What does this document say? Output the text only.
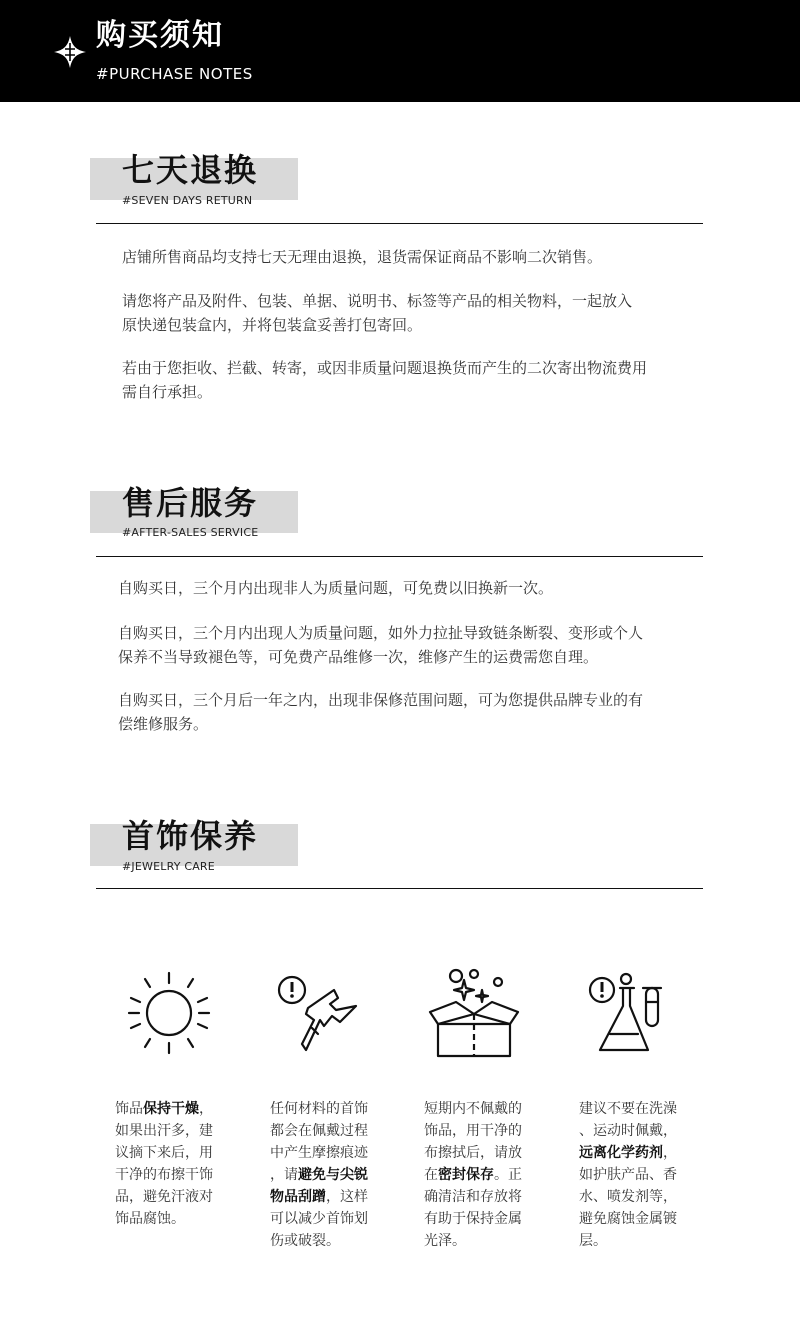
购买须知
#PURCHASE NOTES
七天退换
#SEVEN DAYS RETURN

店铺所售商品均支持七天无理由退换，退货需保证商品不影响二次销售。

请您将产品及附件、包装、单据、说明书、标签等产品的相关物料，一起放入
原快递包装盒内，并将包装盒妥善打包寄回。

若由于您拒收、拦截、转寄，或因非质量问题退换货而产生的二次寄出物流费用
需自行承担。

售后服务
#AFTER-SALES SERVICE

自购买日，三个月内出现非人为质量问题，可免费以旧换新一次。

自购买日，三个月内出现人为质量问题，如外力拉扯导致链条断裂、变形或个人
保养不当导致褪色等，可免费产品维修一次，维修产生的运费需您自理。

自购买日，三个月后一年之内，出现非保修范围问题，可为您提供品牌专业的有
偿维修服务。

首饰保养
#JEWELRY CARE
饰品保持干燥，
如果出汗多，建
议摘下来后，用
干净的布擦干饰
品，避免汗液对
饰品腐蚀。
任何材料的首饰
都会在佩戴过程
中产生摩擦痕迹
，请避免与尖锐
物品刮蹭，这样
可以减少首饰划
伤或破裂。
短期内不佩戴的
饰品，用干净的
布擦拭后，请放
在密封保存。正
确清洁和存放将
有助于保持金属
光泽。
建议不要在洗澡
、运动时佩戴，
远离化学药剂，
如护肤产品、香
水、喷发剂等，
避免腐蚀金属镀
层。
